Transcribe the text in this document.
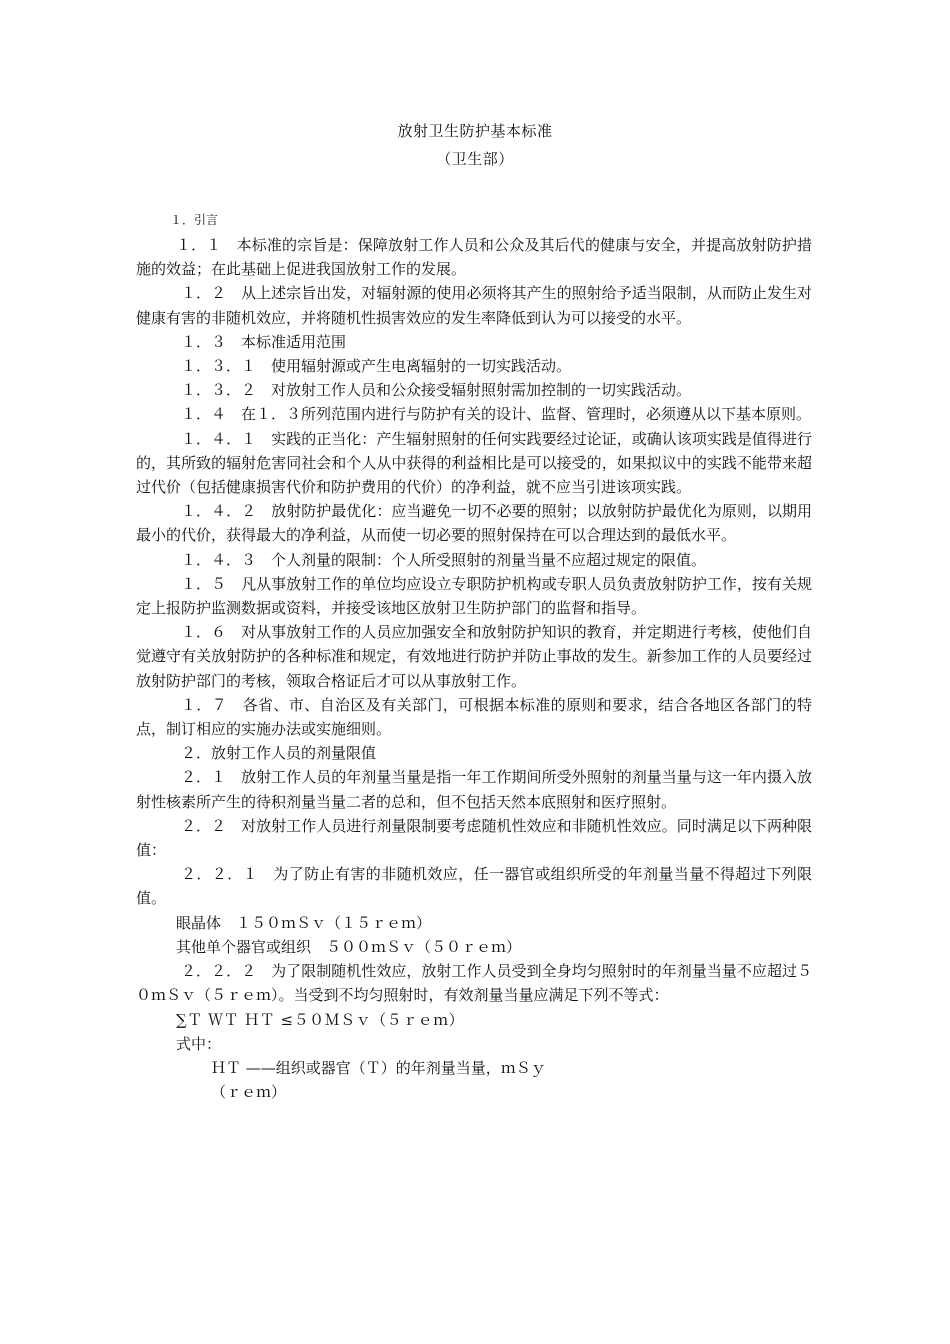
放射卫生防护基本标准
（卫生部）

１．引言

１．１　本标准的宗旨是：保障放射工作人员和公众及其后代的健康与安全，并提高放射防护措施的效益；在此基础上促进我国放射工作的发展。

１．２　从上述宗旨出发，对辐射源的使用必须将其产生的照射给予适当限制，从而防止发生对健康有害的非随机效应，并将随机性损害效应的发生率降低到认为可以接受的水平。

１．３　本标准适用范围

１．３．１　使用辐射源或产生电离辐射的一切实践活动。

１．３．２　对放射工作人员和公众接受辐射照射需加控制的一切实践活动。

１．４　在１．３所列范围内进行与防护有关的设计、监督、管理时，必须遵从以下基本原则。

１．４．１　实践的正当化：产生辐射照射的任何实践要经过论证，或确认该项实践是值得进行的，其所致的辐射危害同社会和个人从中获得的利益相比是可以接受的，如果拟议中的实践不能带来超过代价（包括健康损害代价和防护费用的代价）的净利益，就不应当引进该项实践。

１．４．２　放射防护最优化：应当避免一切不必要的照射；以放射防护最优化为原则，以期用最小的代价，获得最大的净利益，从而使一切必要的照射保持在可以合理达到的最低水平。

１．４．３　个人剂量的限制：个人所受照射的剂量当量不应超过规定的限值。

１．５　凡从事放射工作的单位均应设立专职防护机构或专职人员负责放射防护工作，按有关规定上报防护监测数据或资料，并接受该地区放射卫生防护部门的监督和指导。

１．６　对从事放射工作的人员应加强安全和放射防护知识的教育，并定期进行考核，使他们自觉遵守有关放射防护的各种标准和规定，有效地进行防护并防止事故的发生。新参加工作的人员要经过放射防护部门的考核，领取合格证后才可以从事放射工作。

１．７　各省、市、自治区及有关部门，可根据本标准的原则和要求，结合各地区各部门的特点，制订相应的实施办法或实施细则。

２．放射工作人员的剂量限值

２．１　放射工作人员的年剂量当量是指一年工作期间所受外照射的剂量当量与这一年内摄入放射性核素所产生的待积剂量当量二者的总和，但不包括天然本底照射和医疗照射。

２．２　对放射工作人员进行剂量限制要考虑随机性效应和非随机性效应。同时满足以下两种限值：

２．２．１　为了防止有害的非随机效应，任一器官或组织所受的年剂量当量不得超过下列限值。

眼晶体　１５０ｍＳｖ（１５ｒｅｍ）

其他单个器官或组织　５００ｍＳｖ（５０ｒｅｍ）

２．２．２　为了限制随机性效应，放射工作人员受到全身均匀照射时的年剂量当量不应超过５０ｍＳｖ（５ｒｅｍ）。当受到不均匀照射时，有效剂量当量应满足下列不等式：

∑Ｔ ＷＴ ＨＴ ≤５０ＭＳｖ（５ｒｅｍ）

式中：

ＨＴ ——组织或器官（Ｔ）的年剂量当量，ｍＳｙ

（ｒｅｍ）
